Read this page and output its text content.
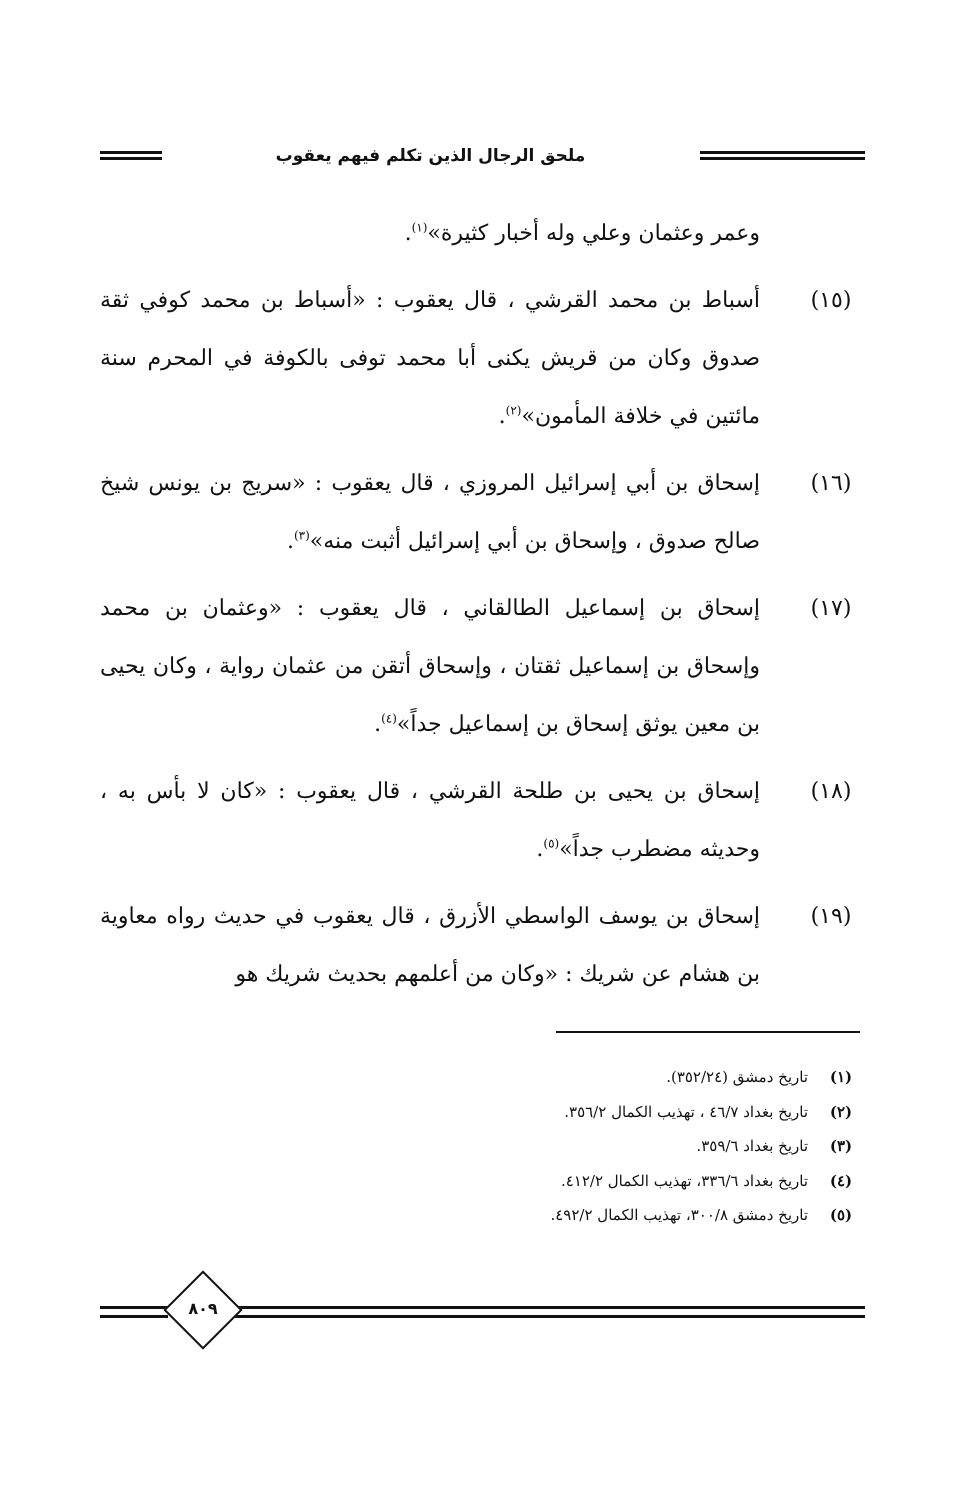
ملحق الرجال الذين تكلم فيهم يعقوب
وعمر وعثمان وعلي وله أخبار كثيرة»$^{(١)}$.
(١٥)
أسباط بن محمد القرشي ، قال يعقوب : «أسباط بن محمد كوفي ثقة صدوق وكان من قريش يكنى أبا محمد توفى بالكوفة في المحرم سنة مائتين في خلافة المأمون»$^{(٢)}$.
(١٦)
إسحاق بن أبي إسرائيل المروزي ، قال يعقوب : «سريج بن يونس شيخ صالح صدوق ، وإسحاق بن أبي إسرائيل أثبت منه»$^{(٣)}$.
(١٧)
إسحاق بن إسماعيل الطالقاني ، قال يعقوب : «وعثمان بن محمد وإسحاق بن إسماعيل ثقتان ، وإسحاق أتقن من عثمان رواية ، وكان يحيى بن معين يوثق إسحاق بن إسماعيل جداً»$^{(٤)}$.
(١٨)
إسحاق بن يحيى بن طلحة القرشي ، قال يعقوب : «كان لا بأس به ، وحديثه مضطرب جداً»$^{(٥)}$.
(١٩)
إسحاق بن يوسف الواسطي الأزرق ، قال يعقوب في حديث رواه معاوية بن هشام عن شريك : «وكان من أعلمهم بحديث شريك هو
(١)
تاريخ دمشق (٣٥٢/٢٤).
(٢)
تاريخ بغداد ٤٦/٧ ، تهذيب الكمال ٣٥٦/٢.
(٣)
تاريخ بغداد ٣٥٩/٦.
(٤)
تاريخ بغداد ٣٣٦/٦، تهذيب الكمال ٤١٢/٢.
(٥)
تاريخ دمشق ٣٠٠/٨، تهذيب الكمال ٤٩٢/٢.
٨٠٩
